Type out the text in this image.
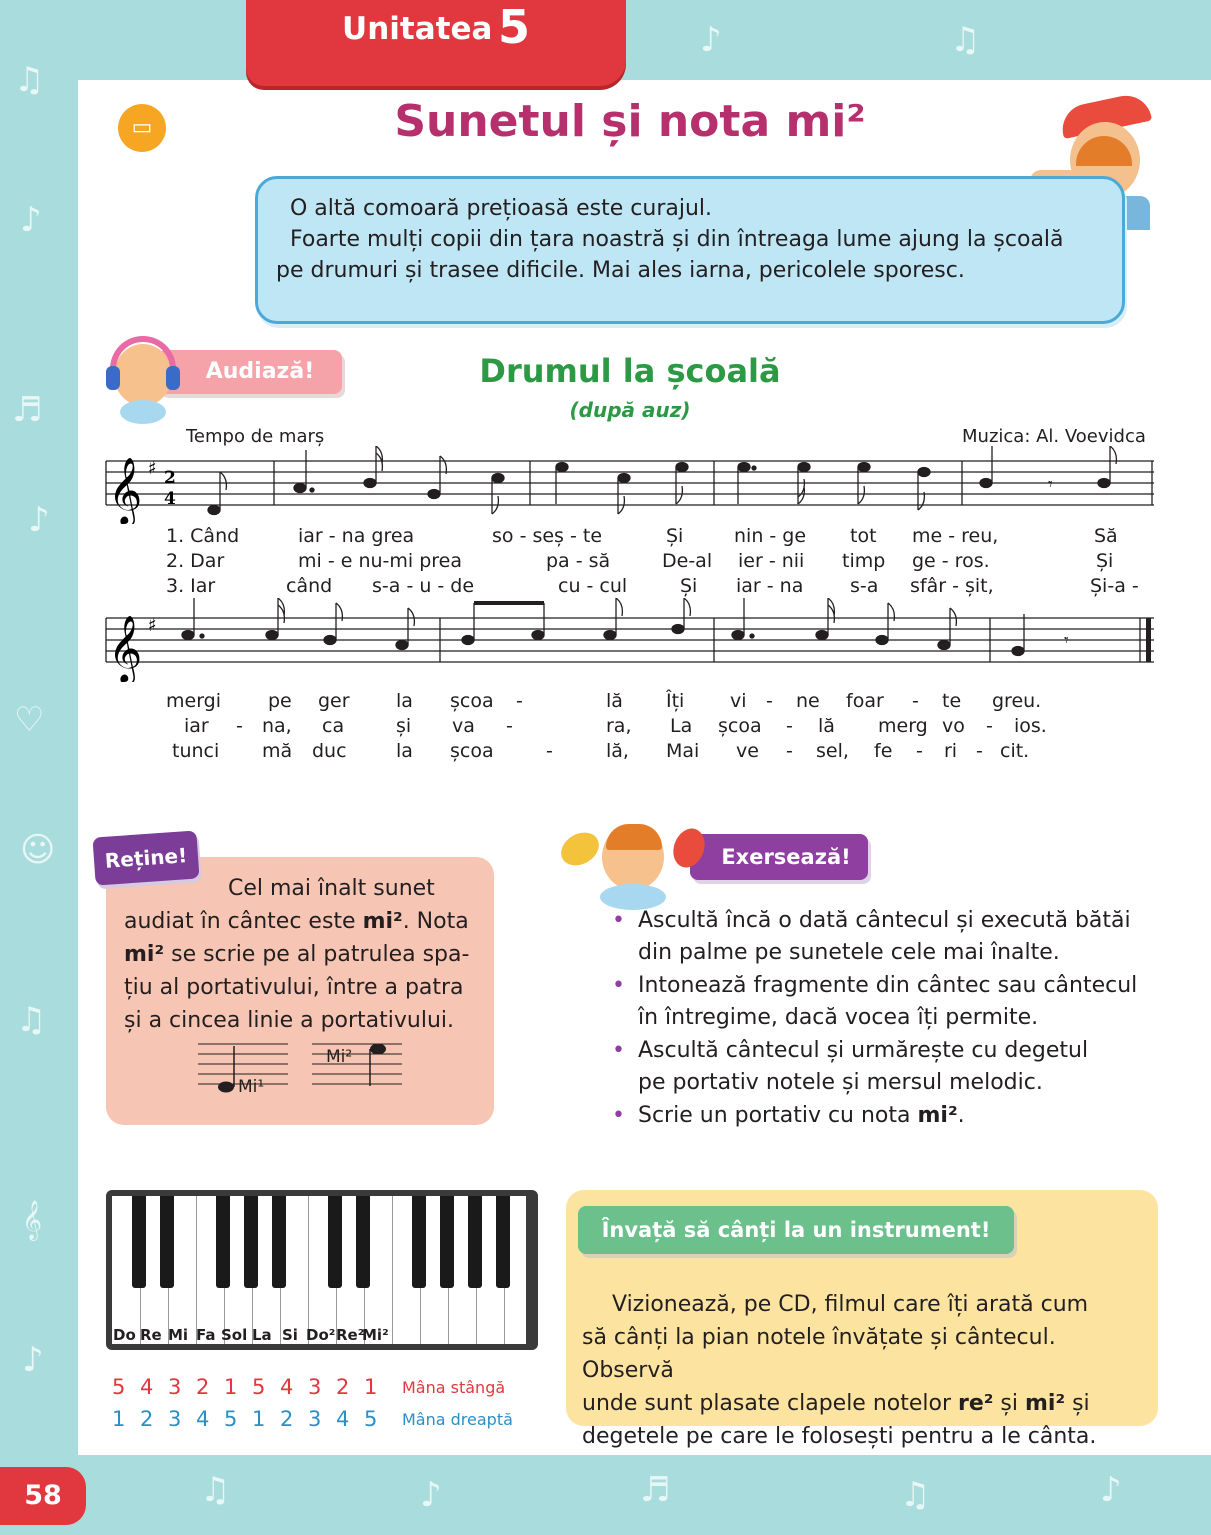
♫
♪
♬
♪
♡
☺
♫
𝄞
♪
♫	♪	♬	♫	♪
♪	♫
Unitatea 5
▭	Sunetul și nota mi²

O altă comoară prețioasă este curajul.

Foarte mulți copii din țara noastră și din întreaga lume ajung la școală

pe drumuri și trasee dificile. Mai ales iarna, pericolele sporesc.

Audiază!	Drumul la școală
(după auz)
Tempo de marș	Muzica: Al. Voevidca
𝄞 ♯ 2
4
𝄾
1. Când	iar - na grea	so - seș - te	Și	nin - ge tot me - reu,	Să
2. Dar	mi - e nu-mi prea	pa - să	De-al ier - nii timp ge - ros.	Și
3. Iar	când s-a - u - de	cu - cul	Și iar - na s-a sfâr - șit,	Și-a -
𝄞 ♯
𝄾
mergi pe ger la școa -	lă Îți vi - ne foar - te greu.
iar - na, ca	și va -	ra, La școa - lă merg vo - ios.
tunci mă duc	la școa	-	lă, Mai ve - sel, fe - ri - cit.
Reține!
Cel mai înalt sunet
audiat în cântec este mi². Nota
mi² se scrie pe al patrulea spa-
țiu al portativului, între a patra
și a cincea linie a portativului.
Mi¹
Mi²
Exersează!
• Ascultă încă o dată cântecul și execută bătăi
din palme pe sunetele cele mai înalte.
• Intonează fragmente din cântec sau cântecul
în întregime, dacă vocea îți permite.
• Ascultă cântecul și urmărește cu degetul
pe portativ notele și mersul melodic.
• Scrie un portativ cu nota mi².
Do Re Mi Fa Sol La Si Do² Re²
Mi²
5 4 3 2 1 5 4 3 2 1	Mâna stângă
1 2 3 4 5 1 2 3 4 5	Mâna dreaptă
Învață să cânți la un instrument!
Vizionează, pe CD, filmul care îți arată cum
să cânți la pian notele învățate și cântecul. Observă
unde sunt plasate clapele notelor re² și mi² și
degetele pe care le folosești pentru a le cânta.
58
